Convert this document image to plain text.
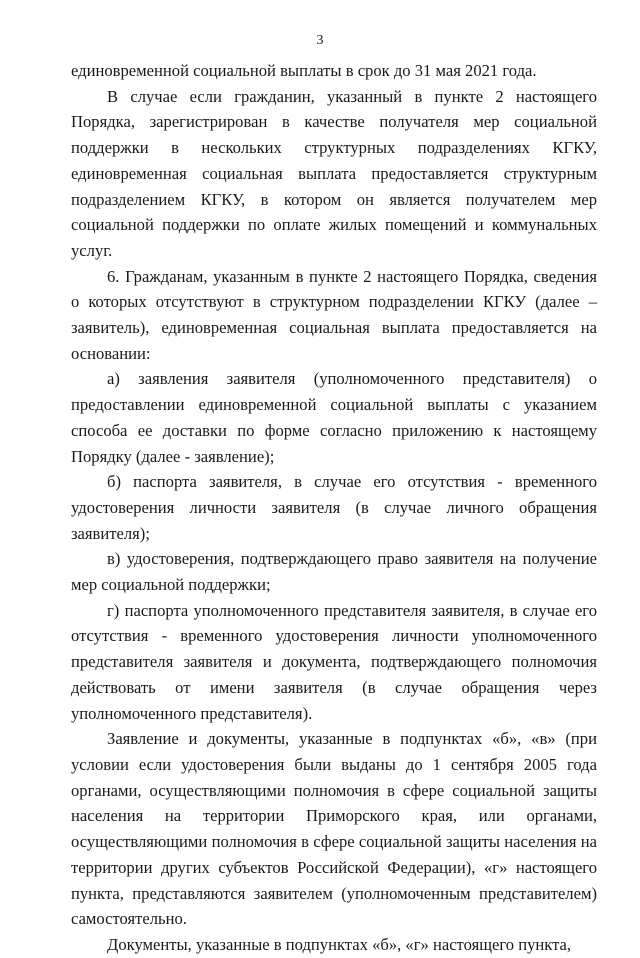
3

единовременной социальной выплаты в срок до 31 мая 2021 года.

В случае если гражданин, указанный в пункте 2 настоящего Порядка, зарегистрирован в качестве получателя мер социальной поддержки в нескольких структурных подразделениях КГКУ, единовременная социальная выплата предоставляется структурным подразделением КГКУ, в котором он является получателем мер социальной поддержки по оплате жилых помещений и коммунальных услуг.

6. Гражданам, указанным в пункте 2 настоящего Порядка, сведения о которых отсутствуют в структурном подразделении КГКУ (далее – заявитель), единовременная социальная выплата предоставляется на основании:

а) заявления заявителя (уполномоченного представителя) о предоставлении единовременной социальной выплаты с указанием способа ее доставки по форме согласно приложению к настоящему Порядку (далее - заявление);

б) паспорта заявителя, в случае его отсутствия - временного удостоверения личности заявителя (в случае личного обращения заявителя);

в) удостоверения, подтверждающего право заявителя на получение мер социальной поддержки;

г) паспорта уполномоченного представителя заявителя, в случае его отсутствия - временного удостоверения личности уполномоченного представителя заявителя и документа, подтверждающего полномочия действовать от имени заявителя (в случае обращения через уполномоченного представителя).

Заявление и документы, указанные в подпунктах «б», «в» (при условии если удостоверения были выданы до 1 сентября 2005 года органами, осуществляющими полномочия в сфере социальной защиты населения на территории Приморского края, или органами, осуществляющими полномочия в сфере социальной защиты населения на территории других субъектов Российской Федерации), «г» настоящего пункта, представляются заявителем (уполномоченным представителем) самостоятельно.

Документы, указанные в подпунктах «б», «г» настоящего пункта,
